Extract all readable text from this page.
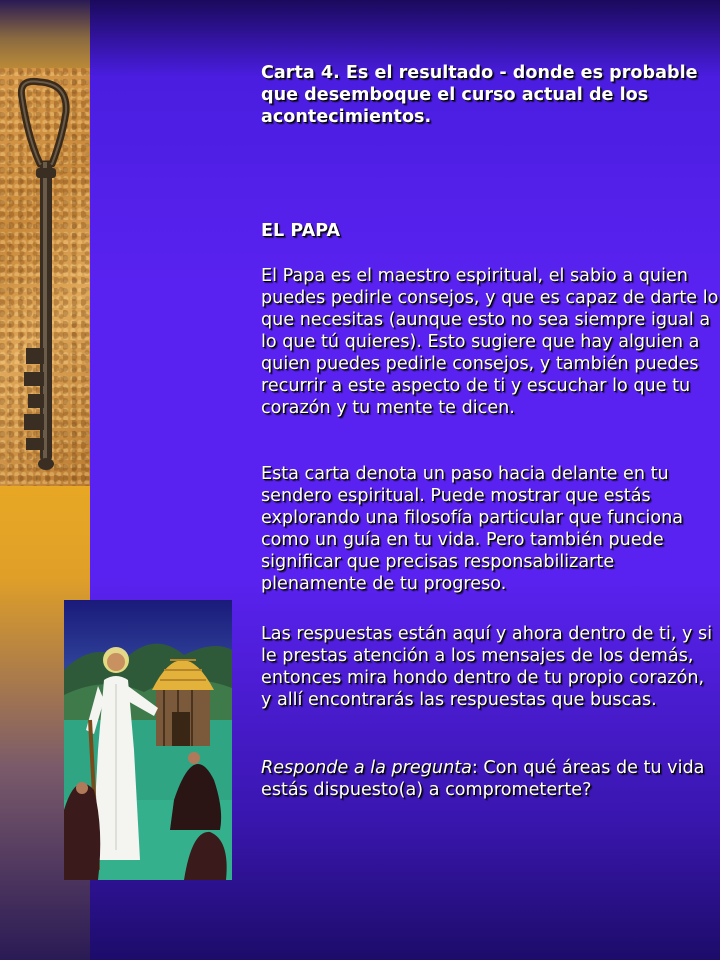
Carta 4. Es el resultado - donde es probable que desemboque el curso actual de los acontecimientos.

EL PAPA

El Papa es el maestro espiritual, el sabio a quien puedes pedirle consejos, y que es capaz de darte lo que necesitas (aunque esto no sea siempre igual a lo que tú quieres). Esto sugiere que hay alguien a quien puedes pedirle consejos, y también puedes recurrir a este aspecto de ti y escuchar lo que tu corazón y tu mente te dicen.

Esta carta denota un paso hacia delante en tu sendero espiritual. Puede mostrar que estás explorando una filosofía particular que funciona como un guía en tu vida. Pero también puede significar que precisas responsabilizarte plenamente de tu progreso.

Las respuestas están aquí y ahora dentro de ti, y si le prestas atención a los mensajes de los demás, entonces mira hondo dentro de tu propio corazón, y allí encontrarás las respuestas que buscas.

Responde a la pregunta: Con qué áreas de tu vida estás dispuesto(a) a comprometerte?
